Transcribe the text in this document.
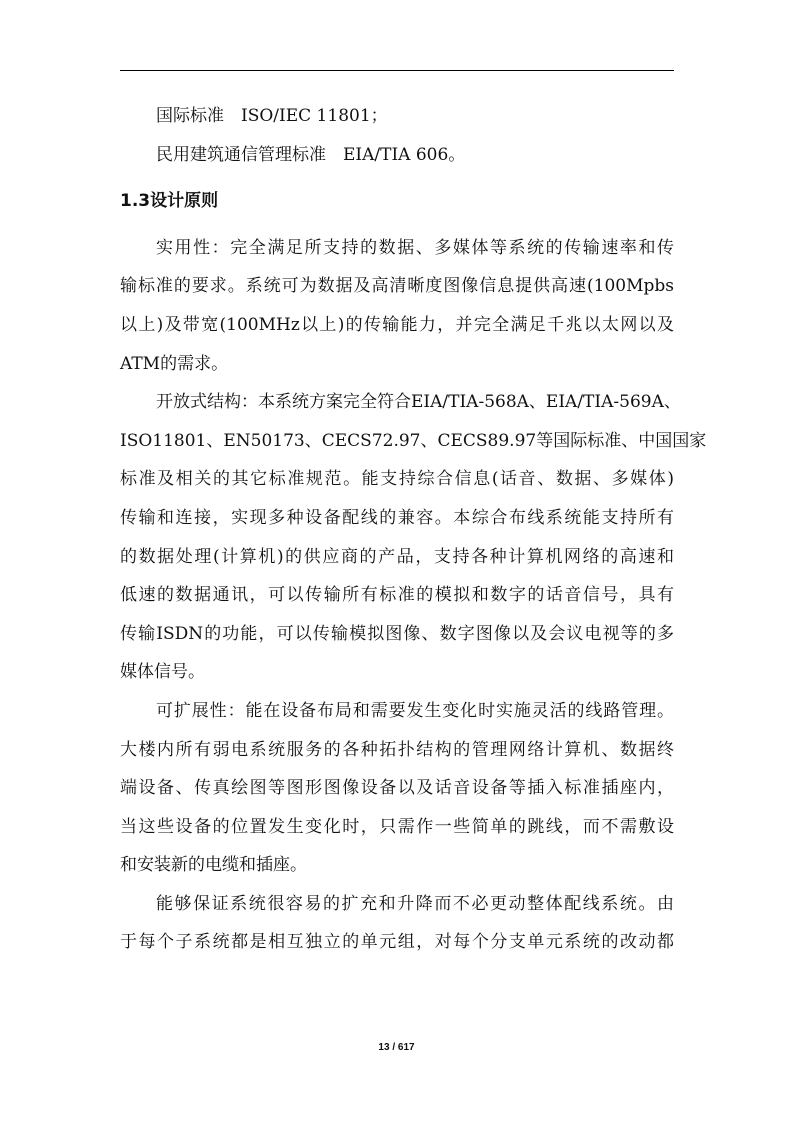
国际标准　ISO/IEC 11801；
民用建筑通信管理标准　EIA/TIA 606。
1.3设计原则
实用性：完全满足所支持的数据、多媒体等系统的传输速率和传
输标准的要求。系统可为数据及高清晰度图像信息提供高速(100Mpbs
以上)及带宽(100MHz以上)的传输能力，并完全满足千兆以太网以及
ATM的需求。
开放式结构：本系统方案完全符合EIA/TIA-568A、EIA/TIA-569A、
ISO11801、EN50173、CECS72.97、CECS89.97等国际标准、中国国家
标准及相关的其它标准规范。能支持综合信息(话音、数据、多媒体)
传输和连接，实现多种设备配线的兼容。本综合布线系统能支持所有
的数据处理(计算机)的供应商的产品，支持各种计算机网络的高速和
低速的数据通讯，可以传输所有标准的模拟和数字的话音信号，具有
传输ISDN的功能，可以传输模拟图像、数字图像以及会议电视等的多
媒体信号。
可扩展性：能在设备布局和需要发生变化时实施灵活的线路管理。
大楼内所有弱电系统服务的各种拓扑结构的管理网络计算机、数据终
端设备、传真绘图等图形图像设备以及话音设备等插入标准插座内，
当这些设备的位置发生变化时，只需作一些简单的跳线，而不需敷设
和安装新的电缆和插座。
能够保证系统很容易的扩充和升降而不必更动整体配线系统。由
于每个子系统都是相互独立的单元组，对每个分支单元系统的改动都
13 / 617
